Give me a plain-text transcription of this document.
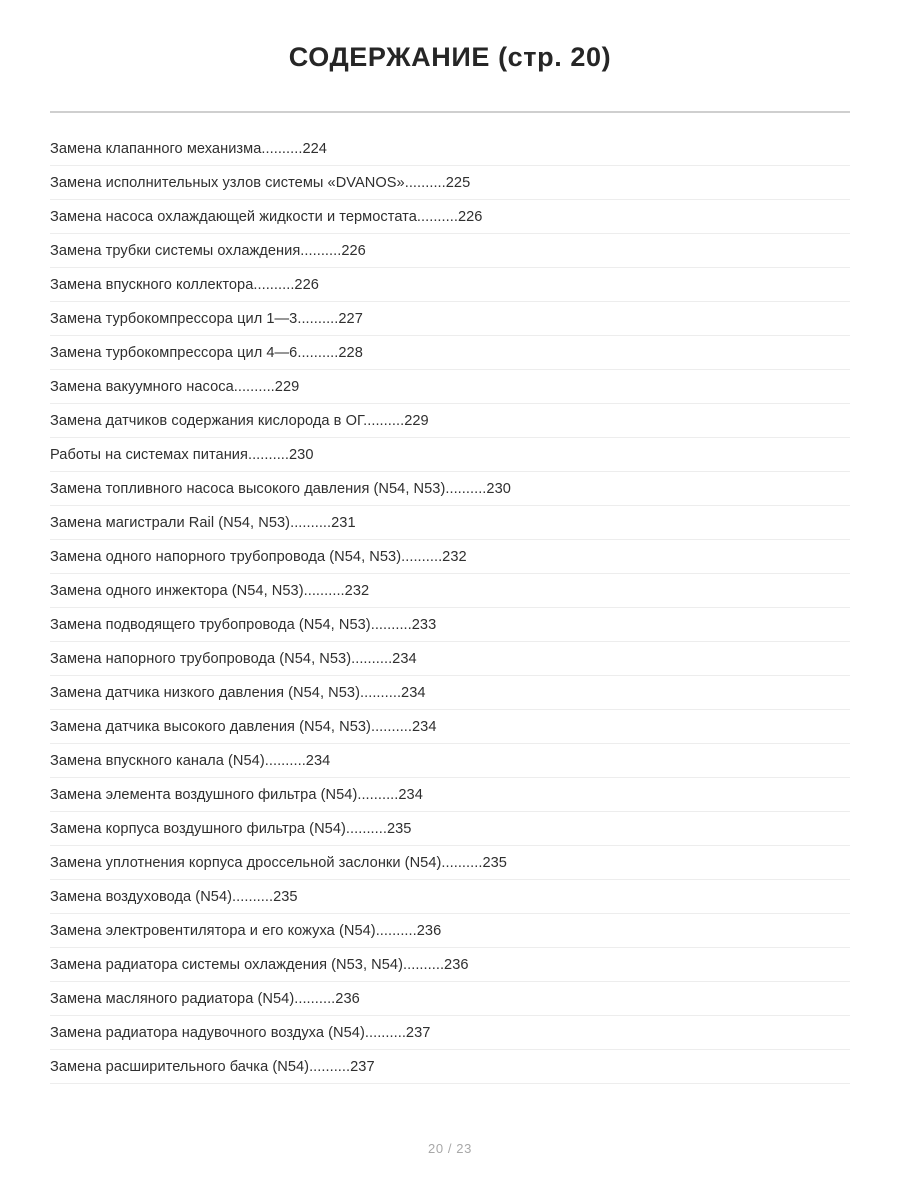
СОДЕРЖАНИЕ (стр. 20)
Замена клапанного механизма..........224
Замена исполнительных узлов системы «DVANOS»..........225
Замена насоса охлаждающей жидкости и термостата..........226
Замена трубки системы охлаждения..........226
Замена впускного коллектора..........226
Замена турбокомпрессора цил 1—3..........227
Замена турбокомпрессора цил 4—6..........228
Замена вакуумного насоса..........229
Замена датчиков содержания кислорода в ОГ..........229
Работы на системах питания..........230
Замена топливного насоса высокого давления (N54, N53)..........230
Замена магистрали Rail (N54, N53)..........231
Замена одного напорного трубопровода (N54, N53)..........232
Замена одного инжектора (N54, N53)..........232
Замена подводящего трубопровода (N54, N53)..........233
Замена напорного трубопровода (N54, N53)..........234
Замена датчика низкого давления (N54, N53)..........234
Замена датчика высокого давления (N54, N53)..........234
Замена впускного канала (N54)..........234
Замена элемента воздушного фильтра (N54)..........234
Замена корпуса воздушного фильтра (N54)..........235
Замена уплотнения корпуса дроссельной заслонки (N54)..........235
Замена воздуховода (N54)..........235
Замена электровентилятора и его кожуха (N54)..........236
Замена радиатора системы охлаждения (N53, N54)..........236
Замена масляного радиатора (N54)..........236
Замена радиатора надувочного воздуха (N54)..........237
Замена расширительного бачка (N54)..........237
20 / 23
